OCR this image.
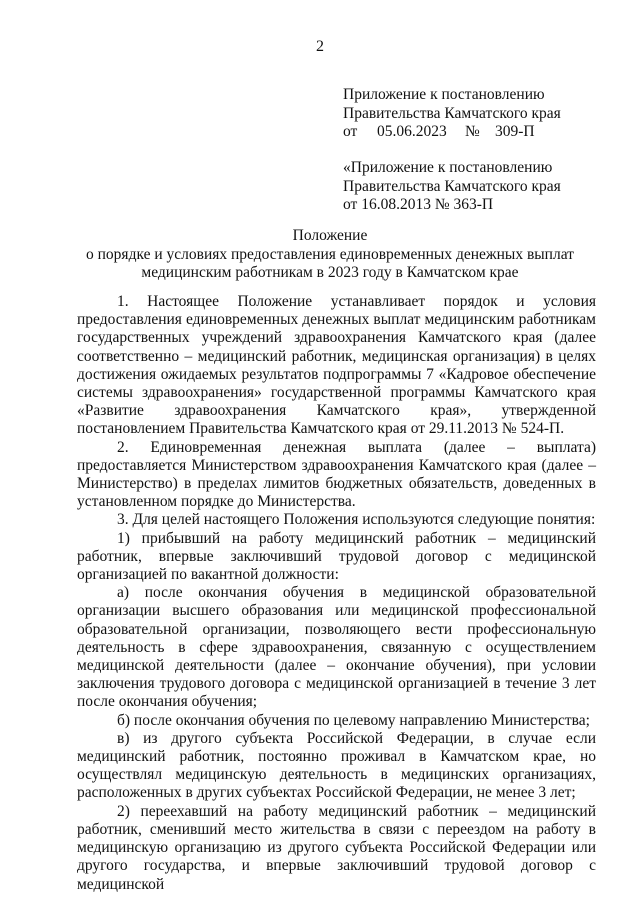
2
Приложение к постановлению
Правительства Камчатского края
от 05.06.2023 № 309-П
«Приложение к постановлению
Правительства Камчатского края
от 16.08.2013 № 363-П
Положение
о порядке и условиях предоставления единовременных денежных выплат
медицинским работникам в 2023 году в Камчатском крае

1. Настоящее Положение устанавливает порядок и условия предоставления единовременных денежных выплат медицинским работникам государственных учреждений здравоохранения Камчатского края (далее соответственно – медицинский работник, медицинская организация) в целях достижения ожидаемых результатов подпрограммы 7 «Кадровое обеспечение системы здравоохранения» государственной программы Камчатского края «Развитие здравоохранения Камчатского края», утвержденной постановлением Правительства Камчатского края от 29.11.2013 № 524-П.

2. Единовременная денежная выплата (далее – выплата) предоставляется Министерством здравоохранения Камчатского края (далее – Министерство) в пределах лимитов бюджетных обязательств, доведенных в установленном порядке до Министерства.

3. Для целей настоящего Положения используются следующие понятия:

1) прибывший на работу медицинский работник – медицинский работник, впервые заключивший трудовой договор с медицинской организацией по вакантной должности:

а) после окончания обучения в медицинской образовательной организации высшего образования или медицинской профессиональной образовательной организации, позволяющего вести профессиональную деятельность в сфере здравоохранения, связанную с осуществлением медицинской деятельности (далее – окончание обучения), при условии заключения трудового договора с медицинской организацией в течение 3 лет после окончания обучения;

б) после окончания обучения по целевому направлению Министерства;

в) из другого субъекта Российской Федерации, в случае если медицинский работник, постоянно проживал в Камчатском крае, но осуществлял медицинскую деятельность в медицинских организациях, расположенных в других субъектах Российской Федерации, не менее 3 лет;

2) переехавший на работу медицинский работник – медицинский работник, сменивший место жительства в связи с переездом на работу в медицинскую организацию из другого субъекта Российской Федерации или другого государства, и впервые заключивший трудовой договор с медицинской
